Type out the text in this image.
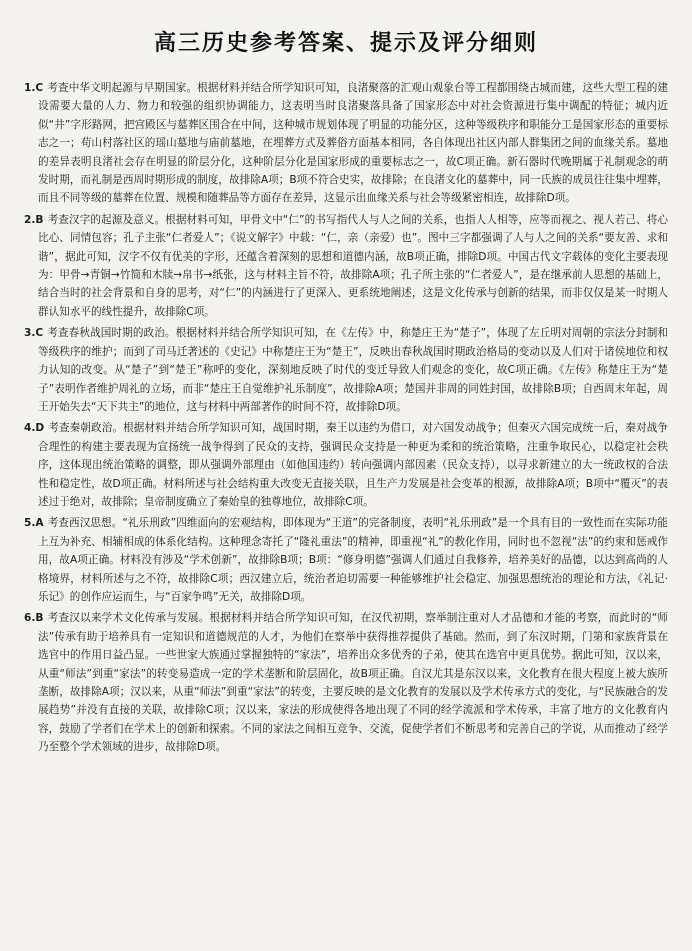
高三历史参考答案、提示及评分细则

1.C 考查中华文明起源与早期国家。根据材料并结合所学知识可知，良渚聚落的汇观山观象台等工程都围绕古城而建，这些大型工程的建设需要大量的人力、物力和较强的组织协调能力，这表明当时良渚聚落具备了国家形态中对社会资源进行集中调配的特征；城内近似“井”字形路网，把宫殿区与墓葬区围合在中间，这种城市规划体现了明显的功能分区，这种等级秩序和职能分工是国家形态的重要标志之一；苟山村落社区的瑶山墓地与庙前墓地，在埋葬方式及葬俗方面基本相同，各自体现出社区内部人群集团之间的血缘关系。墓地的差异表明良渚社会存在明显的阶层分化，这种阶层分化是国家形成的重要标志之一，故C项正确。新石器时代晚期属于礼制观念的萌发时期，而礼制是西周时期形成的制度，故排除A项；B项不符合史实，故排除；在良渚文化的墓葬中，同一氏族的成员往往集中埋葬，而且不同等级的墓葬在位置、规模和随葬品等方面存在差异，这显示出血缘关系与社会等级紧密相连，故排除D项。

2.B 考查汉字的起源及意义。根据材料可知，甲骨文中“仁”的书写指代人与人之间的关系，也指人人相等，应等而视之、视人若己、将心比心、同情包容；孔子主张“仁者爱人”；《说文解字》中载：“仁，亲（亲爱）也”。图中三字都强调了人与人之间的关系“要友善、求和谐”，据此可知，汉字不仅有优美的字形，还蕴含着深刻的思想和道德内涵，故B项正确，排除D项。中国古代文字载体的变化主要表现为：甲骨→青铜→竹简和木牍→帛书→纸张，这与材料主旨不符，故排除A项；孔子所主张的“仁者爱人”，是在继承前人思想的基础上，结合当时的社会背景和自身的思考，对“仁”的内涵进行了更深入、更系统地阐述，这是文化传承与创新的结果，而非仅仅是某一时期人群认知水平的线性提升，故排除C项。

3.C 考查春秋战国时期的政治。根据材料并结合所学知识可知，在《左传》中，称楚庄王为“楚子”，体现了左丘明对周朝的宗法分封制和等级秩序的维护；而到了司马迁著述的《史记》中称楚庄王为“楚王”，反映出春秋战国时期政治格局的变动以及人们对于诸侯地位和权力认知的改变。从“楚子”到“楚王”称呼的变化，深刻地反映了时代的变迁导致人们观念的变化，故C项正确。《左传》称楚庄王为“楚子”表明作者维护周礼的立场，而非“楚庄王自觉维护礼乐制度”，故排除A项；楚国并非周的同姓封国，故排除B项；自西周末年起，周王开始失去“天下共主”的地位，这与材料中两部著作的时间不符，故排除D项。

4.D 考查秦朝政治。根据材料并结合所学知识可知，战国时期，秦王以违约为借口，对六国发动战争；但秦灭六国完成统一后，秦对战争合理性的构建主要表现为宣扬统一战争得到了民众的支持，强调民众支持是一种更为柔和的统治策略，注重争取民心，以稳定社会秩序，这体现出统治策略的调整，即从强调外部理由（如他国违约）转向强调内部因素（民众支持），以寻求新建立的大一统政权的合法性和稳定性，故D项正确。材料所述与社会结构重大改变无直接关联，且生产力发展是社会变革的根源，故排除A项；B项中“覆灭”的表述过于绝对，故排除；皇帝制度确立了秦始皇的独尊地位，故排除C项。

5.A 考查西汉思想。“礼乐刑政”四维面向的宏观结构，即体现为“王道”的完备制度，表明“礼乐刑政”是一个具有目的一致性而在实际功能上互为补充、相辅相成的体系化结构。这种理念寄托了“隆礼重法”的精神，即重视“礼”的教化作用，同时也不忽视“法”的约束和惩戒作用，故A项正确。材料没有涉及“学术创新”，故排除B项；B项：“修身明德”强调人们通过自我修养，培养美好的品德，以达到高尚的人格境界，材料所述与之不符，故排除C项；西汉建立后，统治者迫切需要一种能够维护社会稳定、加强思想统治的理论和方法，《礼记·乐记》的创作应运而生，与“百家争鸣”无关，故排除D项。

6.B 考查汉以来学术文化传承与发展。根据材料并结合所学知识可知，在汉代初期，察举制注重对人才品德和才能的考察，而此时的“师法”传承有助于培养具有一定知识和道德规范的人才，为他们在察举中获得推荐提供了基础。然而，到了东汉时期，门第和家族背景在选官中的作用日益凸显。一些世家大族通过掌握独特的“家法”，培养出众多优秀的子弟，使其在选官中更具优势。据此可知，汉以来，从重“师法”到重“家法”的转变易造成一定的学术垄断和阶层固化，故B项正确。自汉尤其是东汉以来，文化教育在很大程度上被大族所垄断，故排除A项；汉以来，从重“师法”到重“家法”的转变，主要反映的是文化教育的发展以及学术传承方式的变化，与“民族融合的发展趋势”并没有直接的关联，故排除C项；汉以来，家法的形成使得各地出现了不同的经学流派和学术传承，丰富了地方的文化教育内容，鼓励了学者们在学术上的创新和探索。不同的家法之间相互竞争、交流，促使学者们不断思考和完善自己的学说，从而推动了经学乃至整个学术领域的进步，故排除D项。
